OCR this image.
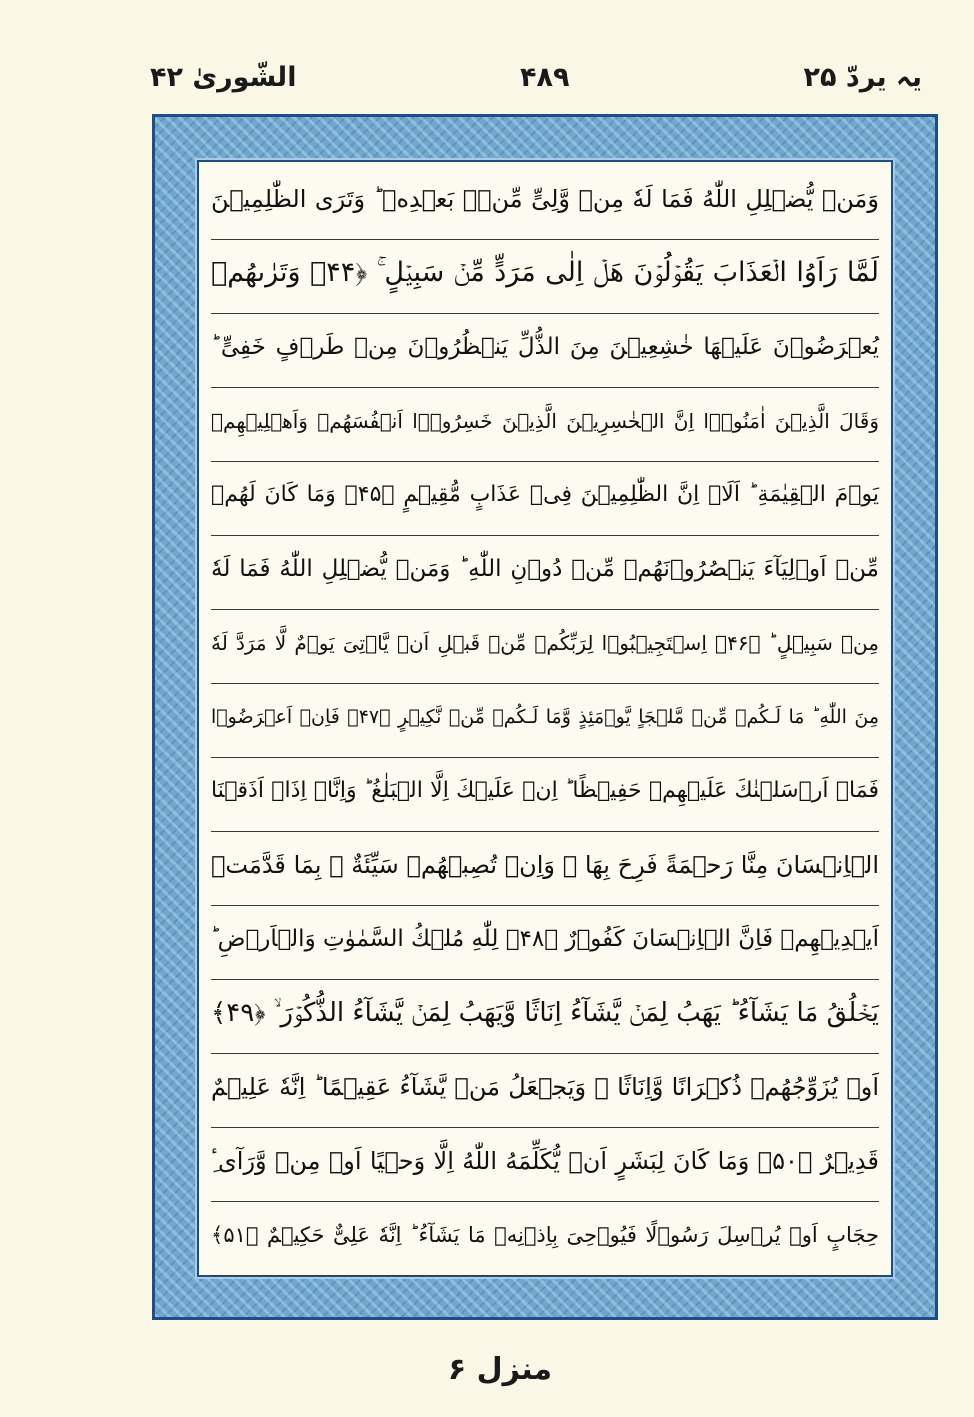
الشّوریٰ ۴۲	۴۸۹	یہ یردّ ۲۵
وَمَنۡ يُّضۡلِلِ اللّٰهُ فَمَا لَهٗ مِنۡ وَّلِىٍّ مِّنۡۢ بَعۡدِهٖ ؕ وَتَرَى الظّٰلِمِيۡنَ
لَمَّا رَاَوُا الۡعَذَابَ يَقُوۡلُوۡنَ هَلۡ اِلٰى مَرَدٍّ مِّنۡ سَبِيۡلٍ ۚ‏ ﴿۴۴﴾ وَتَرٰٮهُمۡ
يُعۡرَضُوۡنَ عَلَيۡهَا خٰشِعِيۡنَ مِنَ الذُّلِّ يَنۡظُرُوۡنَ مِنۡ طَرۡفٍ خَفِىٍّ ؕ
وَقَالَ الَّذِيۡنَ اٰمَنُوۡۤا اِنَّ الۡخٰسِرِيۡنَ الَّذِيۡنَ خَسِرُوۡۤا اَنۡفُسَهُمۡ وَاَهۡلِيۡهِمۡ
يَوۡمَ الۡقِيٰمَةِ ؕ اَلَاۤ اِنَّ الظّٰلِمِيۡنَ فِىۡ عَذَابٍ مُّقِيۡمٍ ﴿۴۵﴾ وَمَا كَانَ لَهُمۡ
مِّنۡ اَوۡلِيَآءَ يَنۡصُرُوۡنَهُمۡ مِّنۡ دُوۡنِ اللّٰهِ ؕ وَمَنۡ يُّضۡلِلِ اللّٰهُ فَمَا لَهٗ
مِنۡ سَبِيۡلٍ ؕ ﴿۴۶﴾ اِسۡتَجِيۡبُوۡا لِرَبِّكُمۡ مِّنۡ قَبۡلِ اَنۡ يَّاۡتِىَ يَوۡمٌ لَّا مَرَدَّ لَهٗ
مِنَ اللّٰهِ ؕ مَا لَـكُمۡ مِّنۡ مَّلۡجَاٍ يَّوۡمَئِذٍ وَّمَا لَـكُمۡ مِّنۡ نَّكِيۡرٍ ﴿۴۷﴾ فَاِنۡ اَعۡرَضُوۡا
فَمَاۤ اَرۡسَلۡنٰكَ عَلَيۡهِمۡ حَفِيۡظًا ؕ اِنۡ عَلَيۡكَ اِلَّا الۡبَلٰغُ ؕ وَاِنَّاۤ اِذَاۤ اَذَقۡنَا
الۡاِنۡسَانَ مِنَّا رَحۡمَةً فَرِحَ بِهَا ۚ وَاِنۡ تُصِبۡهُمۡ سَيِّئَةٌ ۢ بِمَا قَدَّمَتۡ
اَيۡدِيۡهِمۡ فَاِنَّ الۡاِنۡسَانَ كَفُوۡرٌ ﴿۴۸﴾ لِلّٰهِ مُلۡكُ السَّمٰوٰتِ وَالۡاَرۡضِ ؕ
يَخۡلُقُ مَا يَشَآءُ ؕ يَهَبُ لِمَنۡ يَّشَآءُ اِنَاثًا وَّيَهَبُ لِمَنۡ يَّشَآءُ الذُّكُوۡرَ ۙ ﴿۴۹﴾
اَوۡ يُزَوِّجُهُمۡ ذُكۡرَانًا وَّاِنَاثًا ۚ وَيَجۡعَلُ مَنۡ يَّشَآءُ عَقِيۡمًا ؕ اِنَّهٗ عَلِيۡمٌ
قَدِيۡرٌ ﴿۵۰﴾ وَمَا كَانَ لِبَشَرٍ اَنۡ يُّكَلِّمَهُ اللّٰهُ اِلَّا وَحۡيًا اَوۡ مِنۡ وَّرَآىٴِ
حِجَابٍ اَوۡ يُرۡسِلَ رَسُوۡلًا فَيُوۡحِىَ بِاِذۡنِهٖ مَا يَشَآءُ ؕ اِنَّهٗ عَلِىٌّ حَكِيۡمٌ ﴿۵۱﴾
منزل ۶
